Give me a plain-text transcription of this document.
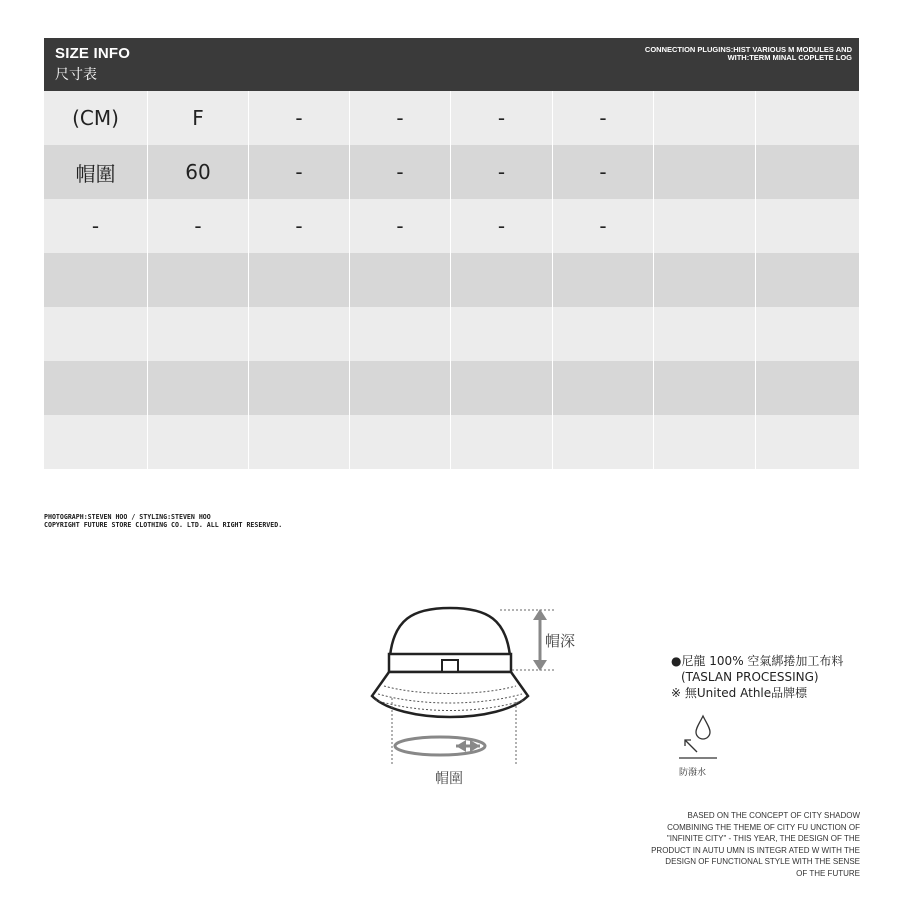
SIZE INFO
尺寸表
CONNECTION PLUGINS:HIST VARIOUS M MODULES AND
WITH:TERM MINAL COPLETE LOG
(CM)	F	-	-	-	-
帽圍	60	-	-	-	-
-	-	-	-	-	-
PHOTOGRAPH:STEVEN HOO / STYLING:STEVEN HOO
COPYRIGHT FUTURE STORE CLOTHING CO. LTD. ALL RIGHT RESERVED.
帽深
帽圍
●尼龍 100% 空氣綁捲加工布料
(TASLAN PROCESSING)
※ 無United Athle品牌標
防潑水
BASED ON THE CONCEPT OF CITY SHADOW
COMBINING THE THEME OF CITY FU UNCTION OF
"INFINITE CITY" - THIS YEAR, THE DESIGN OF THE
PRODUCT IN AUTU UMN IS INTEGR ATED W WITH THE
DESIGN OF FUNCTIONAL STYLE WITH THE SENSE
OF THE FUTURE
